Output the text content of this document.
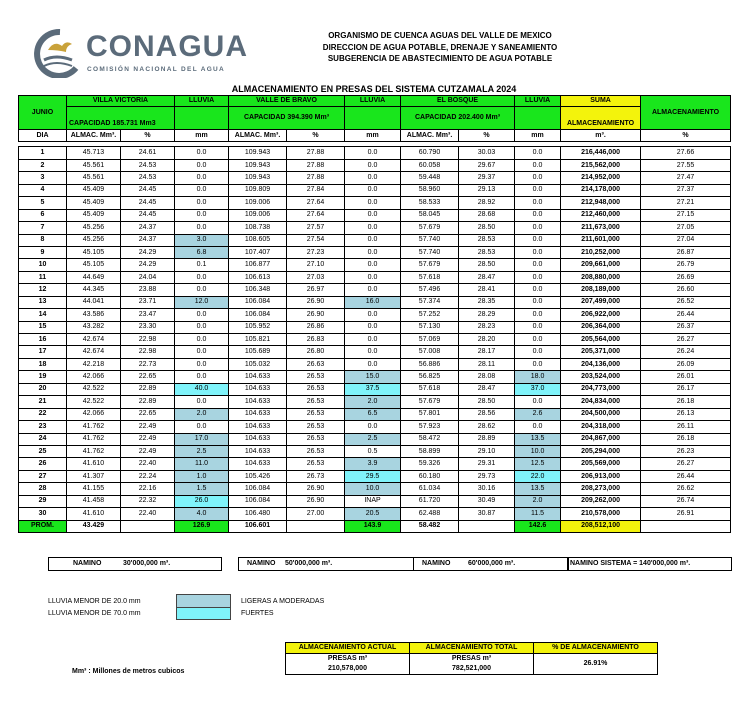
CONAGUA
COMISIÓN NACIONAL DEL AGUA
ORGANISMO DE CUENCA AGUAS DEL VALLE DE MEXICO
DIRECCION DE AGUA POTABLE, DRENAJE Y SANEAMIENTO
SUBGERENCIA DE ABASTECIMIENTO DE AGUA POTABLE
ALMACENAMIENTO EN PRESAS DEL SISTEMA CUTZAMALA 2024
JUNIO	VILLA VICTORIA		LLUVIA	VALLE DE BRAVO		LLUVIA	EL BOSQUE		LLUVIA	SUMA	ALMACENAMIENTO
	CAPACIDAD 185.731 Mm3			CAPACIDAD 394.390 Mm³			CAPACIDAD 202.400 Mm³			ALMACENAMIENTO	
DIA	ALMAC. Mm³.	%	mm	ALMAC. Mm³.	%	mm	ALMAC. Mm³.	%	mm	m³.	%

1	45.713	24.61	0.0	109.943	27.88	0.0	60.790	30.03	0.0	216,446,000	27.66
2	45.561	24.53	0.0	109.943	27.88	0.0	60.058	29.67	0.0	215,562,000	27.55
3	45.561	24.53	0.0	109.943	27.88	0.0	59.448	29.37	0.0	214,952,000	27.47
4	45.409	24.45	0.0	109.809	27.84	0.0	58.960	29.13	0.0	214,178,000	27.37
5	45.409	24.45	0.0	109.006	27.64	0.0	58.533	28.92	0.0	212,948,000	27.21
6	45.409	24.45	0.0	109.006	27.64	0.0	58.045	28.68	0.0	212,460,000	27.15
7	45.256	24.37	0.0	108.738	27.57	0.0	57.679	28.50	0.0	211,673,000	27.05
8	45.256	24.37	3.0	108.605	27.54	0.0	57.740	28.53	0.0	211,601,000	27.04
9	45.105	24.29	6.8	107.407	27.23	0.0	57.740	28.53	0.0	210,252,000	26.87
10	45.105	24.29	0.1	106.877	27.10	0.0	57.679	28.50	0.0	209,661,000	26.79
11	44.649	24.04	0.0	106.613	27.03	0.0	57.618	28.47	0.0	208,880,000	26.69
12	44.345	23.88	0.0	106.348	26.97	0.0	57.496	28.41	0.0	208,189,000	26.60
13	44.041	23.71	12.0	106.084	26.90	16.0	57.374	28.35	0.0	207,499,000	26.52
14	43.586	23.47	0.0	106.084	26.90	0.0	57.252	28.29	0.0	206,922,000	26.44
15	43.282	23.30	0.0	105.952	26.86	0.0	57.130	28.23	0.0	206,364,000	26.37
16	42.674	22.98	0.0	105.821	26.83	0.0	57.069	28.20	0.0	205,564,000	26.27
17	42.674	22.98	0.0	105.689	26.80	0.0	57.008	28.17	0.0	205,371,000	26.24
18	42.218	22.73	0.0	105.032	26.63	0.0	56.886	28.11	0.0	204,136,000	26.09
19	42.066	22.65	0.0	104.633	26.53	15.0	56.825	28.08	18.0	203,524,000	26.01
20	42.522	22.89	40.0	104.633	26.53	37.5	57.618	28.47	37.0	204,773,000	26.17
21	42.522	22.89	0.0	104.633	26.53	2.0	57.679	28.50	0.0	204,834,000	26.18
22	42.066	22.65	2.0	104.633	26.53	6.5	57.801	28.56	2.6	204,500,000	26.13
23	41.762	22.49	0.0	104.633	26.53	0.0	57.923	28.62	0.0	204,318,000	26.11
24	41.762	22.49	17.0	104.633	26.53	2.5	58.472	28.89	13.5	204,867,000	26.18
25	41.762	22.49	2.5	104.633	26.53	0.5	58.899	29.10	10.0	205,294,000	26.23
26	41.610	22.40	11.0	104.633	26.53	3.9	59.326	29.31	12.5	205,569,000	26.27
27	41.307	22.24	1.0	105.426	26.73	29.5	60.180	29.73	22.0	206,913,000	26.44
28	41.155	22.16	1.5	106.084	26.90	10.0	61.034	30.16	13.5	208,273,000	26.62
29	41.458	22.32	26.0	106.084	26.90	INAP	61.720	30.49	2.0	209,262,000	26.74
30	41.610	22.40	4.0	106.480	27.00	20.5	62.488	30.87	11.5	210,578,000	26.91
PROM.	43.429		126.9	106.601		143.9	58.482		142.6	208,512,100	
NAMINO	30'000,000 m³.	NAMINO 50'000,000 m³.	NAMINO	60'000,000 m³.	NAMINO SISTEMA = 140'000,000 m³.
LLUVIA MENOR DE 20.0 mm
LLUVIA MENOR DE 70.0 mm
LIGERAS A MODERADAS
FUERTES
ALMACENAMIENTO ACTUAL	ALMACENAMIENTO TOTAL	% DE ALMACENAMIENTO
PRESAS m³	PRESAS m³	26.91%
210,578,000	782,521,000	
Mm³ : Millones de metros cubicos
